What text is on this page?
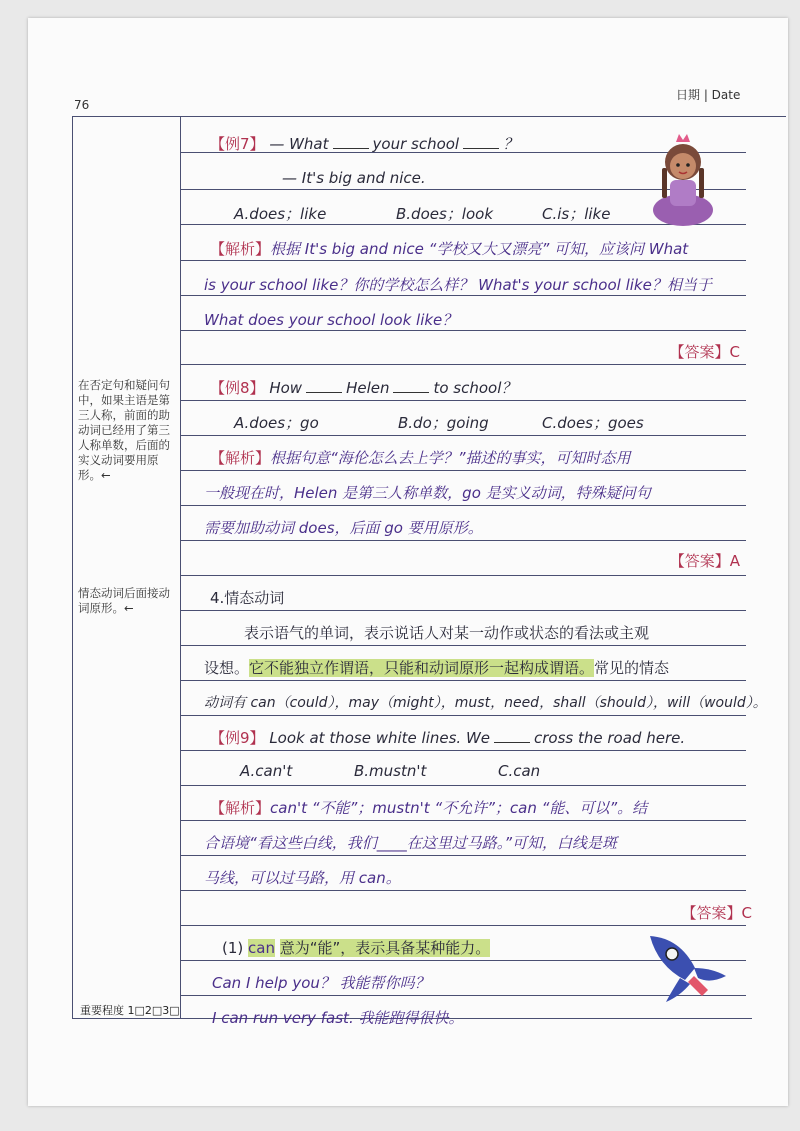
76
日期 | Date
【例7】 — What	your school	？
— It's big and nice.
A.does；like	B.does；look	C.is；like
【解析】根据 It's big and nice “学校又大又漂亮” 可知，应该问 What
is your school like？你的学校怎么样？ What's your school like？相当于
What does your school look like？
【答案】C
【例8】 How	Helen	to school？
A.does；go	B.do；going	C.does；goes
【解析】根据句意“海伦怎么去上学？”描述的事实，可知时态用
一般现在时，Helen 是第三人称单数，go 是实义动词，特殊疑问句
需要加助动词 does，后面 go 要用原形。
【答案】A
4.情态动词
表示语气的单词，表示说话人对某一动作或状态的看法或主观
设想。它不能独立作谓语，只能和动词原形一起构成谓语。常见的情态
动词有 can（could），may（might），must，need，shall（should），will（would）。
【例9】 Look at those white lines. We	cross the road here.
A.can't	B.mustn't	C.can
【解析】can't “不能”；mustn't “不允许”；can “能、可以”。结
合语境“看这些白线，我们____在这里过马路。”可知，白线是斑
马线，可以过马路，用 can。
【答案】C
(1) can 意为“能”，表示具备某种能力。
Can I help you？ 我能帮你吗？
I can run very fast. 我能跑得很快。
在否定句和疑问句中，如果主语是第三人称，前面的助动词已经用了第三人称单数，后面的实义动词要用原形。←
情态动词后面接动词原形。←
重要程度 1□2□3□
